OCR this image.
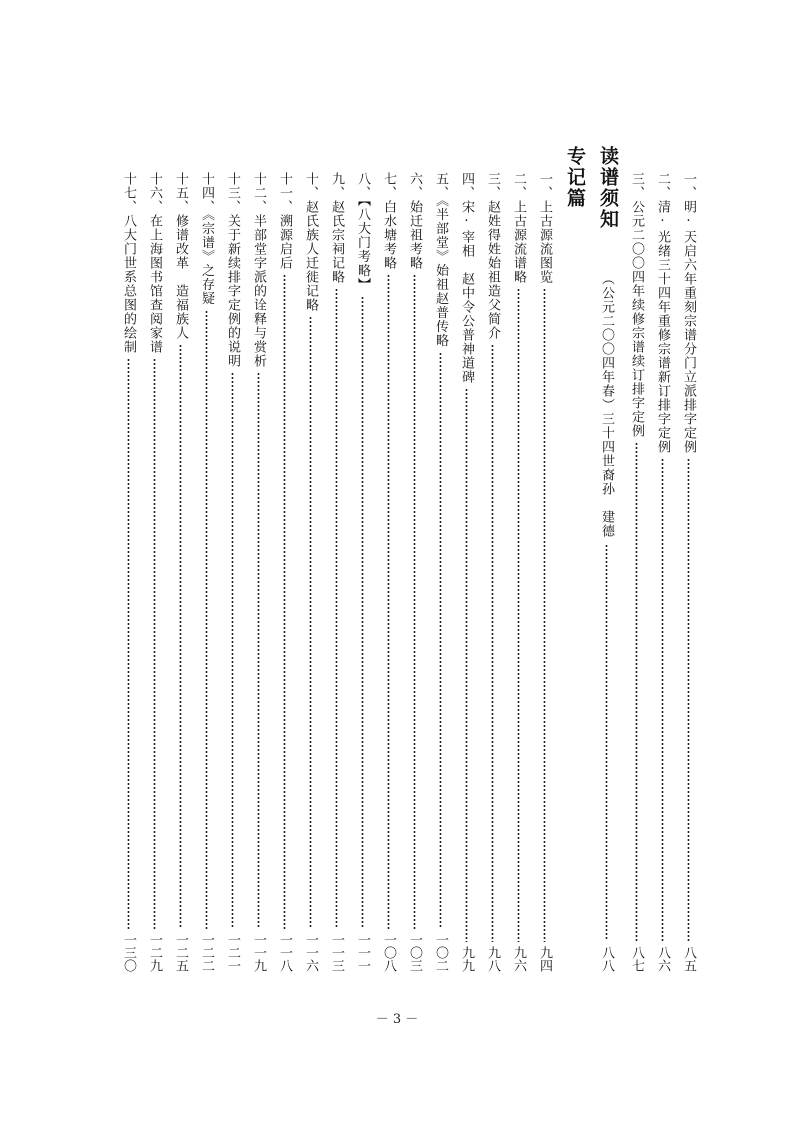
一、明·天启六年重刻宗谱分门立派排字定例
八五
二、清·光绪三十四年重修宗谱新订排字定例
八六
三、公元二〇〇四年续修宗谱续订排字定例
八七
读谱须知
（公元二〇〇四年春）三十四世裔孙　建德
八八
专记篇
一、上古源流图览
九四
二、上古源流谱略
九六
三、赵姓得姓始祖造父简介
九八
四、宋·宰相　赵中令公普神道碑
九九
五、《半部堂》始祖赵普传略
一〇二
六、始迁祖考略
一〇三
七、白水塘考略
一〇八
八、【八大门考略】
一一一
九、赵氏宗祠记略
一一三
十、赵氏族人迁徙记略
一一六
十一、溯源启后
一一八
十二、半部堂字派的诠释与赏析
一一九
十三、关于新续排字定例的说明
一二一
十四、《宗谱》之存疑
一二二
十五、修谱改革　造福族人
一二五
十六、在上海图书馆查阅家谱
一二九
十七、八大门世系总图的绘制
一三〇
－ 3 －
